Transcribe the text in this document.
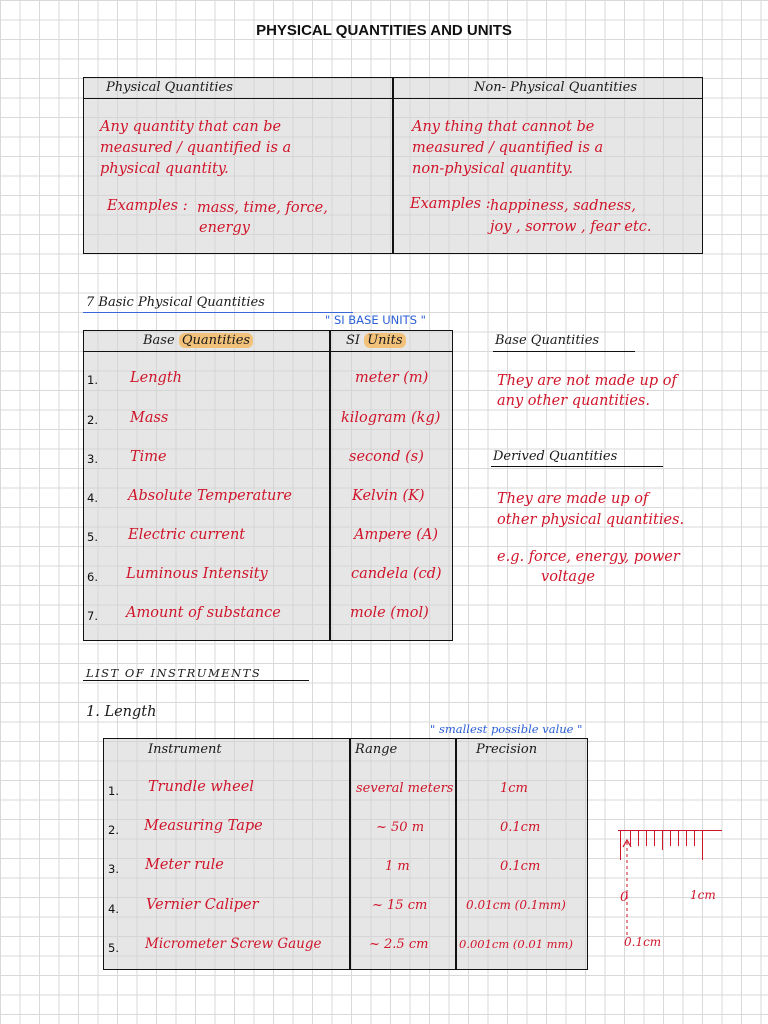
PHYSICAL QUANTITIES AND UNITS
Physical Quantities	Non- Physical Quantities
Any quantity that can be
measured / quantified is a
physical quantity.
Examples : mass, time, force,
energy
Any thing that cannot be
measured / quantified is a
non-physical quantity.
Examples : happiness, sadness,
joy , sorrow , fear etc.
7 Basic Physical Quantities
" SI BASE UNITS "
Base Quantities	SI Units
1. Length	meter (m)
2. Mass	kilogram (kg)
3. Time	second (s)
4. Absolute Temperature	Kelvin (K)
5. Electric current	Ampere (A)
6. Luminous Intensity	candela (cd)
7. Amount of substance	mole (mol)
Base Quantities
They are not made up of
any other quantities.
Derived Quantities
They are made up of
other physical quantities.
e.g. force, energy, power
voltage
LIST OF INSTRUMENTS
1. Length
" smallest possible value "
Instrument	Range	Precision
1. Trundle wheel	several meters	1cm
2. Measuring Tape	~ 50 m	0.1cm
3. Meter rule	1 m	0.1cm
4. Vernier Caliper	~ 15 cm	0.01cm (0.1mm)
5. Micrometer Screw Gauge	~ 2.5 cm	0.001cm (0.01 mm)
0	1cm
0.1cm
